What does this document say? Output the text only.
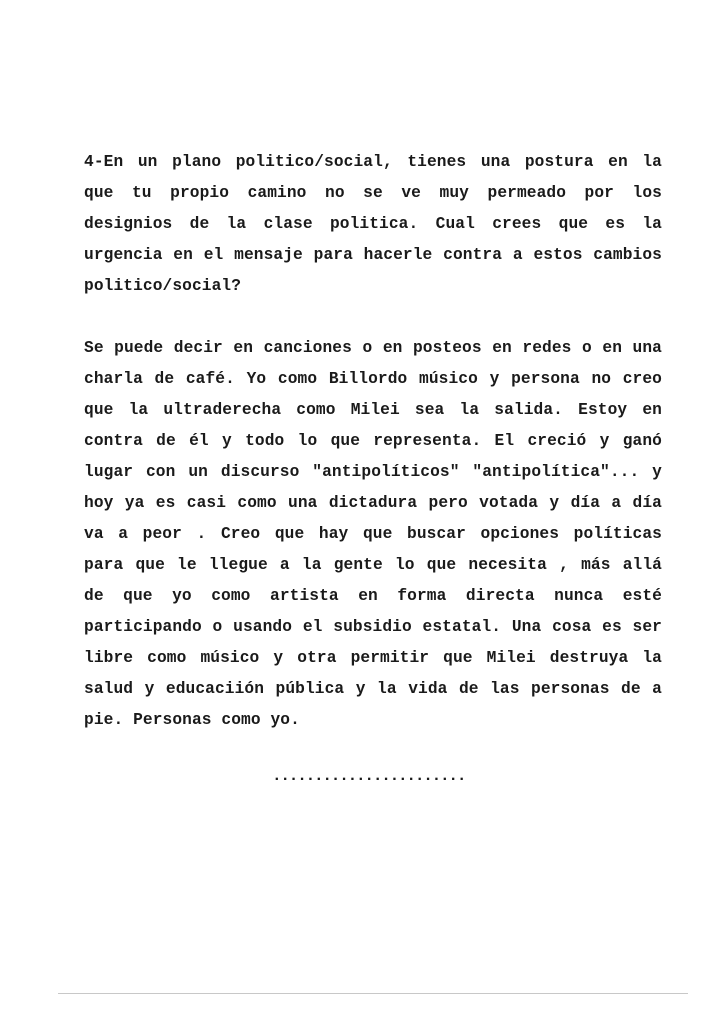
4-En un plano politico/social, tienes una postura en la que tu propio camino no se ve muy permeado por los designios de la clase politica. Cual crees que es la urgencia en el mensaje para hacerle contra a estos cambios politico/social?

Se puede decir en canciones o en posteos en redes o en una charla de café. Yo como Billordo músico y persona no creo que la ultraderecha como Milei sea la salida. Estoy en contra de él y todo lo que representa. El creció y ganó lugar con un discurso "antipolíticos" "antipolítica"... y hoy ya es casi como una dictadura pero votada y día a día va a peor . Creo que hay que buscar opciones políticas para que le llegue a la gente lo que necesita , más allá de que yo como artista en forma directa nunca esté participando o usando el subsidio estatal. Una cosa es ser libre como músico y otra permitir que Milei destruya la salud y educaciión pública y la vida de las personas de a pie. Personas como yo.

.......................
